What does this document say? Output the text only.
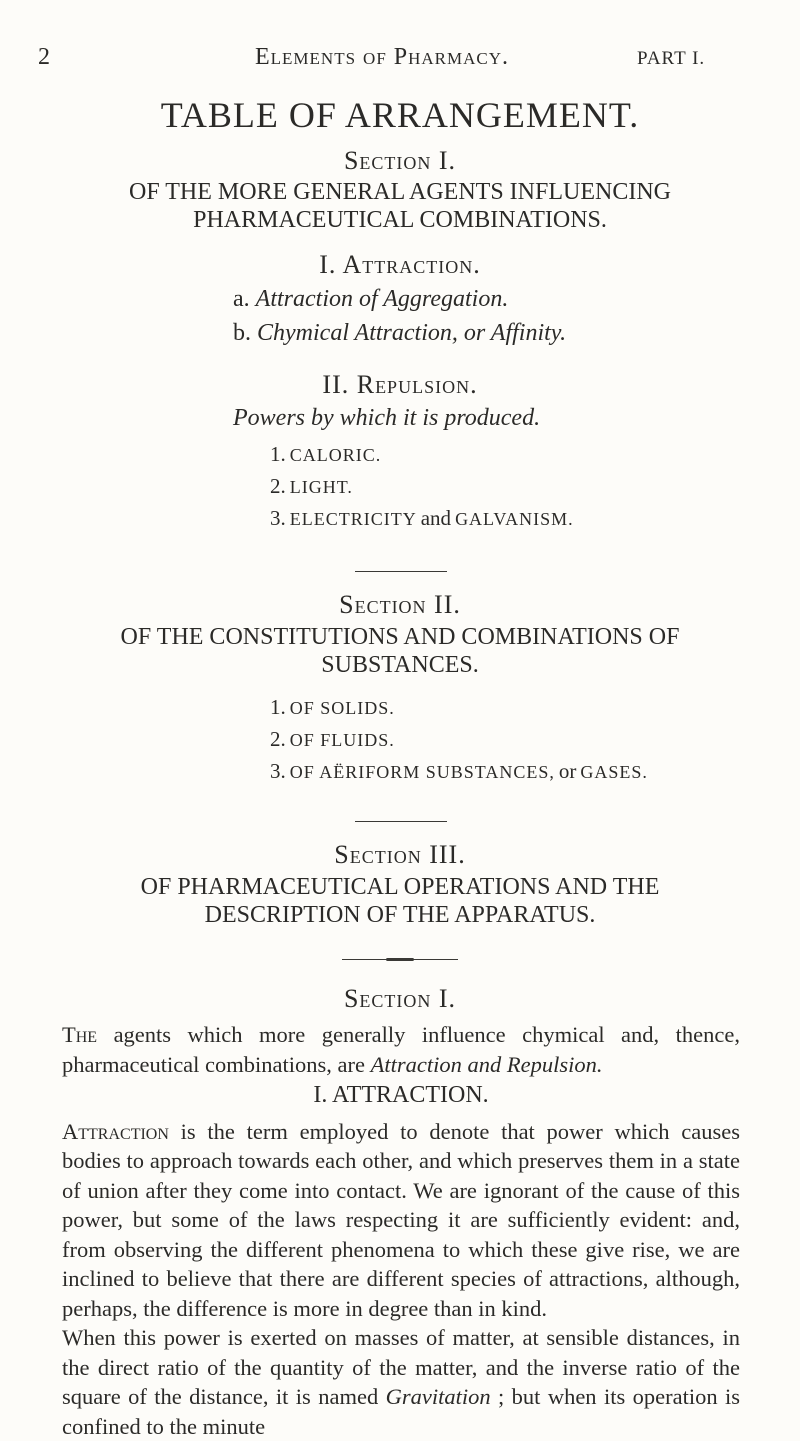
2	Elements of Pharmacy.	PART I.
TABLE OF ARRANGEMENT.
Section I.
OF THE MORE GENERAL AGENTS INFLUENCING
PHARMACEUTICAL COMBINATIONS.
I. Attraction.
a. Attraction of Aggregation.
b. Chymical Attraction, or Affinity.
II. Repulsion.
Powers by which it is produced.
1. CALORIC.
2. LIGHT.
3. ELECTRICITY and GALVANISM.
Section II.
OF THE CONSTITUTIONS AND COMBINATIONS OF
SUBSTANCES.
1. OF SOLIDS.
2. OF FLUIDS.
3. OF AËRIFORM SUBSTANCES, or GASES.
Section III.
OF PHARMACEUTICAL OPERATIONS AND THE
DESCRIPTION OF THE APPARATUS.
Section I.

The agents which more generally influence chymical and, thence, pharmaceutical combinations, are Attraction and Repulsion.

I. ATTRACTION.

Attraction is the term employed to denote that power which causes bodies to approach towards each other, and which preserves them in a state of union after they come into contact. We are ignorant of the cause of this power, but some of the laws respecting it are sufficiently evident: and, from observing the different phenomena to which these give rise, we are inclined to believe that there are different species of attractions, although, perhaps, the difference is more in degree than in kind.

When this power is exerted on masses of matter, at sensible distances, in the direct ratio of the quantity of the matter, and the inverse ratio of the square of the distance, it is named Gravitation ; but when its operation is confined to the minute
